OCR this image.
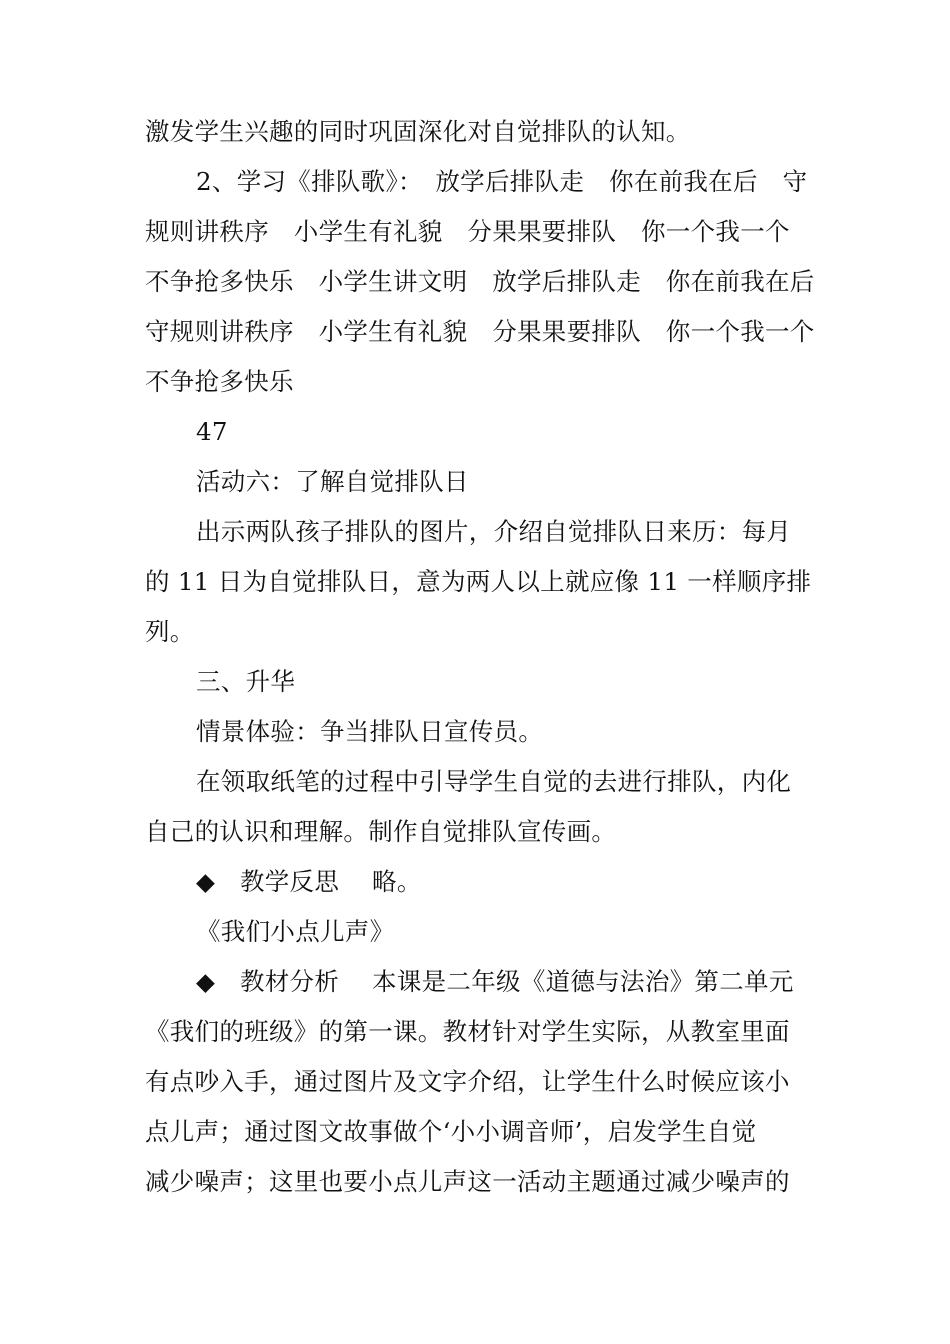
激发学生兴趣的同时巩固深化对自觉排队的认知。
2、学习《排队歌》：　放学后排队走　你在前我在后　守
规则讲秩序　小学生有礼貌　分果果要排队　你一个我一个
不争抢多快乐　小学生讲文明　放学后排队走　你在前我在后
守规则讲秩序　小学生有礼貌　分果果要排队　你一个我一个
不争抢多快乐
47
活动六：了解自觉排队日
出示两队孩子排队的图片，介绍自觉排队日来历：每月
的 11 日为自觉排队日，意为两人以上就应像 11 一样顺序排
列。
三、升华
情景体验：争当排队日宣传员。
在领取纸笔的过程中引导学生自觉的去进行排队，内化
自己的认识和理解。制作自觉排队宣传画。
◆　教学反思　 略。
《我们小点儿声》
◆　教材分析　 本课是二年级《道德与法治》第二单元
《我们的班级》的第一课。教材针对学生实际，从教室里面
有点吵入手，通过图片及文字介绍，让学生什么时候应该小
点儿声；通过图文故事做个‘小小调音师’，启发学生自觉
减少噪声；这里也要小点儿声这一活动主题通过减少噪声的
